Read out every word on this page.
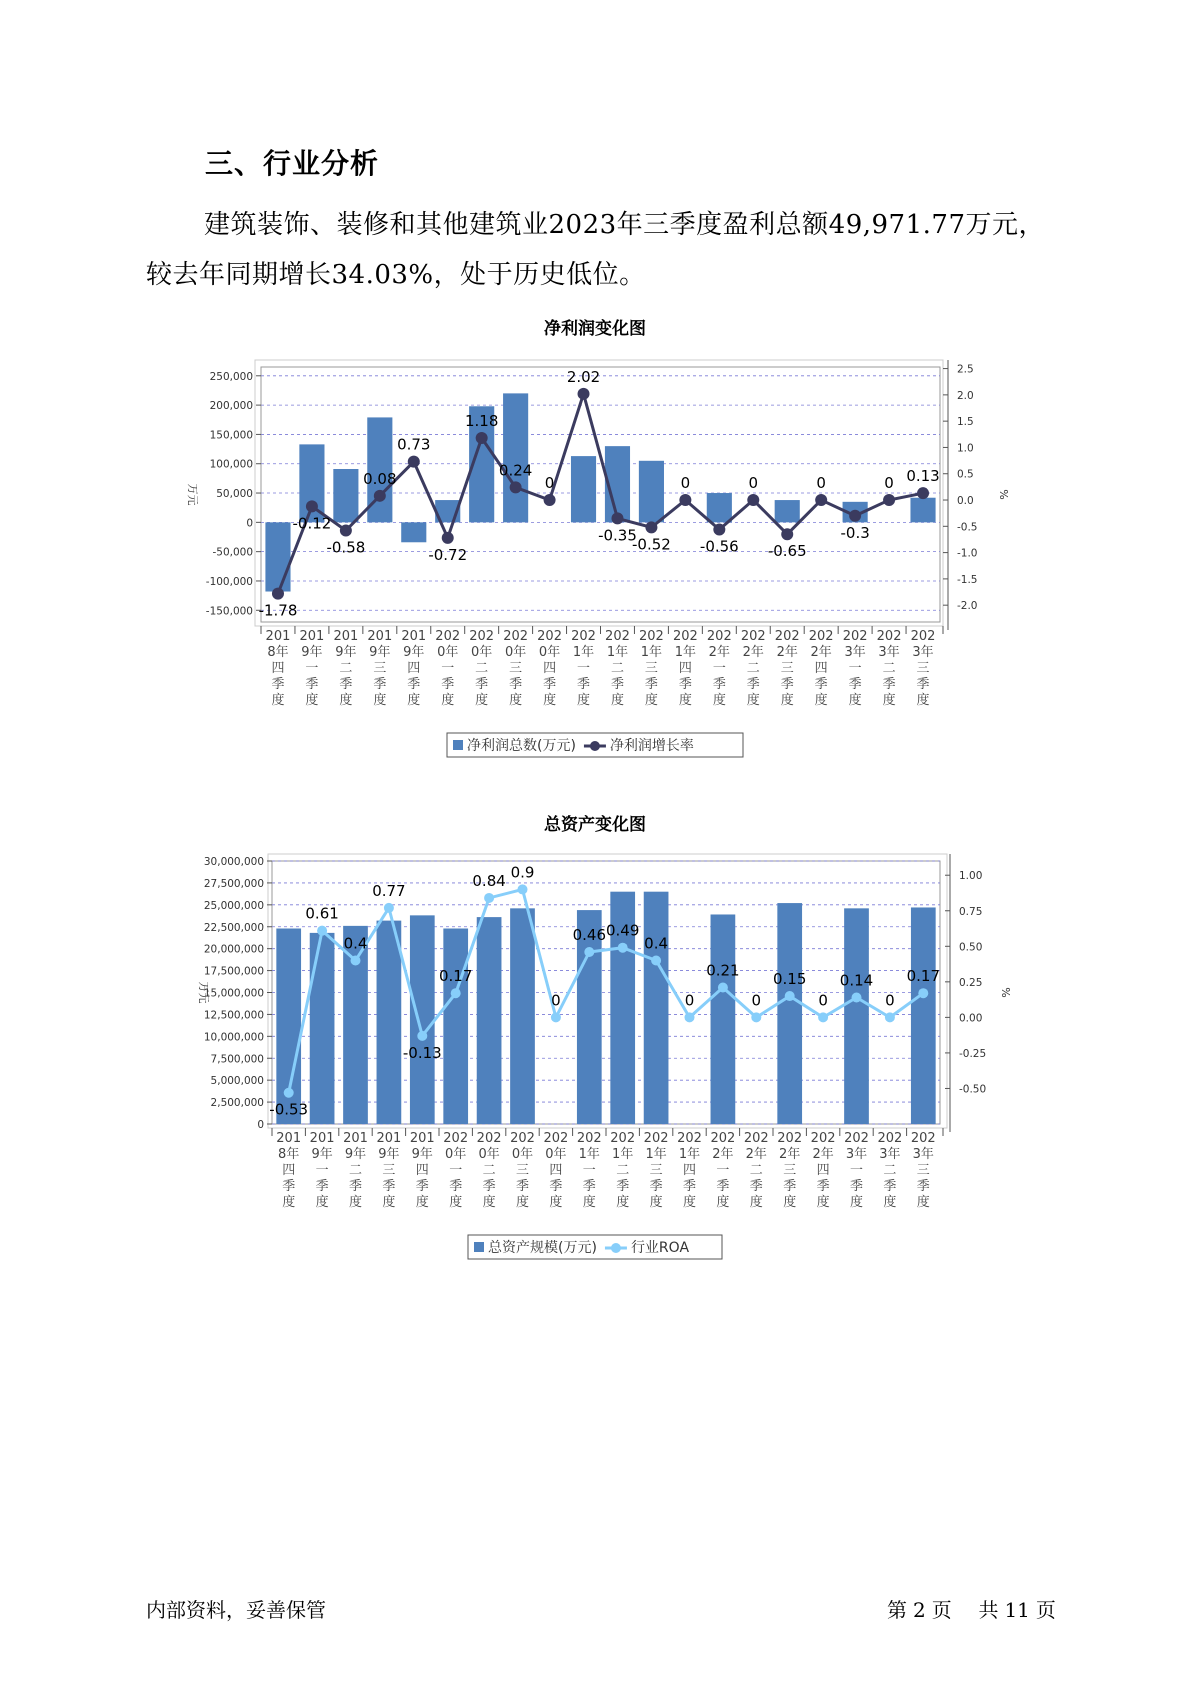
三、行业分析
建筑装饰、装修和其他建筑业2023年三季度盈利总额49,971.77万元，较去年同期增长34.03%，处于历史低位。
净利润变化图
250,000
200,000
150,000
100,000
50,000
0
-50,000
-100,000
-150,000
2.5
2.0
1.5
1.0
0.5
0.0
-0.5
-1.0
-1.5
-2.0
万元	%
-1.78
-0.12
-0.58
0.08
0.73
-0.72
1.18
0.24
0
2.02
-0.35
-0.52
0
-0.56
0
-0.65
0
-0.3
0 0.13
201 8年四季度
201 9年一季度
201 9年二季度
201 9年三季度
201 9年四季度
202 0年一季度
202 0年二季度
202 0年三季度
202 0年四季度
202 1年一季度
202 1年二季度
202 1年三季度
202 1年四季度
202 2年一季度
202 2年二季度
202 2年三季度
202 2年四季度
202 3年一季度
202 3年二季度
202 3年三季度
净利润总数(万元) 净利润增长率
总资产变化图
30,000,000
27,500,000
25,000,000
22,500,000
20,000,000
17,500,000
15,000,000
12,500,000
10,000,000
7,500,000
5,000,000
2,500,000
0
1.00
0.75
0.50
0.25
0.00
-0.25
-0.50
万元	%
-0.53
0.61
0.4
0.77
-0.13
0.17
0.84 0.9
0
0.46 0.49
0.4
0
0.21
0
0.15
0
0.14
0
0.17
201 8年四季度
201 9年一季度
201 9年二季度
201 9年三季度
201 9年四季度
202 0年一季度
202 0年二季度
202 0年三季度
202 0年四季度
202 1年一季度
202 1年二季度
202 1年三季度
202 1年四季度
202 2年一季度
202 2年二季度
202 2年三季度
202 2年四季度
202 3年一季度
202 3年二季度
202 3年三季度
总资产规模(万元) 行业ROA
内部资料，妥善保管	第 2 页 共 11 页
